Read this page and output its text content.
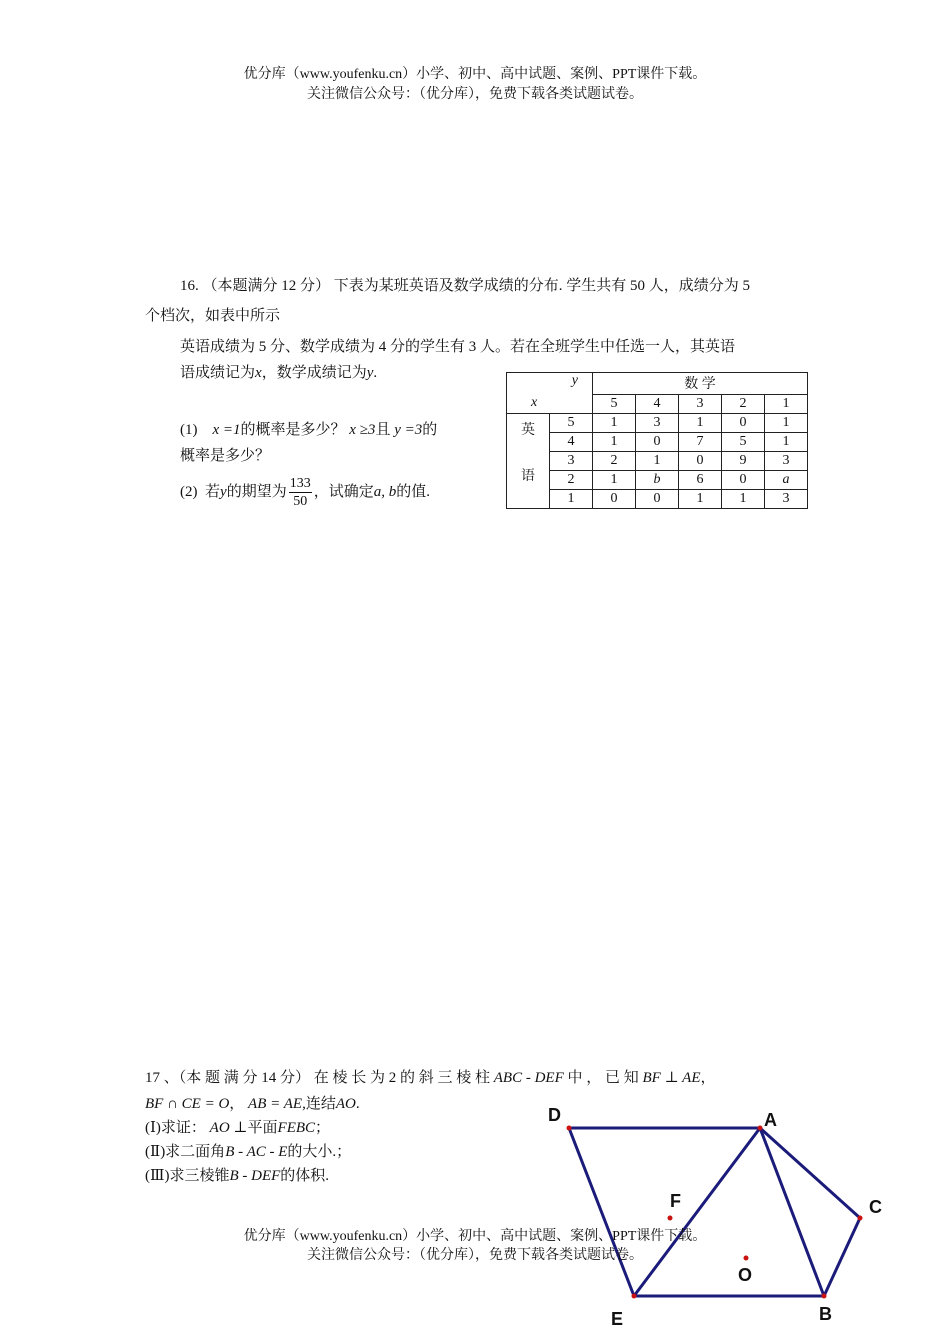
优分库（www.youfenku.cn）小学、初中、高中试题、案例、PPT课件下载。
关注微信公众号：（优分库），免费下载各类试题试卷。
16. （本题满分 12 分） 下表为某班英语及数学成绩的分布. 学生共有 50 人，成绩分为 5
个档次，如表中所示
英语成绩为 5 分、数学成绩为 4 分的学生有 3 人。若在全班学生中任选一人，其英语
语成绩记为x，数学成绩记为y.
(1) x =1的概率是多少？ x ≥3且 y =3的
概率是多少？
(2) 若y的期望为 $\frac{133}{50}$ ，试确定a, b的值.
y
x		数 学				
		5	4	3	2	1

英
语	5	1	3	1	0	1
	4	1	0	7	5	1
	3	2	1	0	9	3
	2	1	b	6	0	a
	1	0	0	1	1	3
17 、（本 题 满 分 14 分） 在 棱 长 为 2 的 斜 三 棱 柱 ABC - DEF 中 ， 已 知 BF ⊥ AE，
BF ∩ CE = O， AB = AE,连结AO.
(Ⅰ)求证： AO ⊥平面FEBC；
(Ⅱ)求二面角B - AC - E的大小.；
(Ⅲ)求三棱锥B - DEF的体积.
D	A
F	C
O
E	B
优分库（www.youfenku.cn）小学、初中、高中试题、案例、PPT课件下载。
关注微信公众号：（优分库），免费下载各类试题试卷。
